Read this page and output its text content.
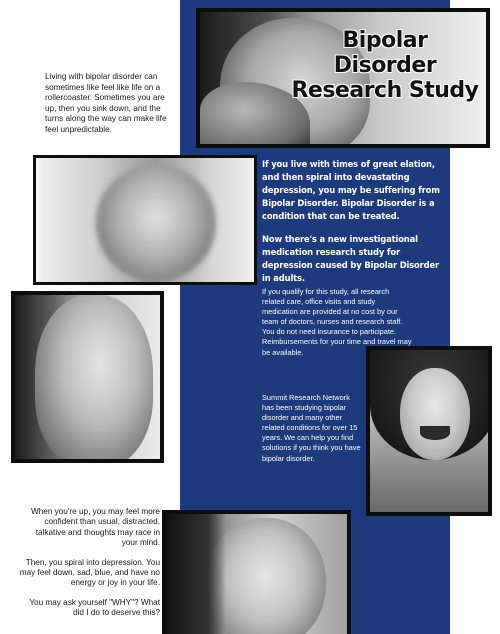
Bipolar Disorder
Research Study
Living with bipolar disorder can sometimes like feel like life on a rollercoaster. Sometimes you are up, then you sink down, and the turns along the way can make life feel unpredictable.

If you live with times of great elation, and then spiral into devastating depression, you may be suffering from Bipolar Disorder. Bipolar Disorder is a condition that can be treated.

Now there's a new investigational medication research study for depression caused by Bipolar Disorder in adults.

If you qualify for this study, all research related care, office visits and study medication are provided at no cost by our team of doctors, nurses and research staff. You do not need insurance to participate. Reimbursements for your time and travel may be available.
Summit Research Network has been studying bipolar disorder and many other related conditions for over 15 years. We can help you find solutions if you think you have bipolar disorder.

When you're up, you may feel more confident than usual, distracted, talkative and thoughts may race in your mind.

Then, you spiral into depression. You may feel down, sad, blue, and have no energy or joy in your life.

You may ask yourself "WHY"? What did I do to deserve this?
